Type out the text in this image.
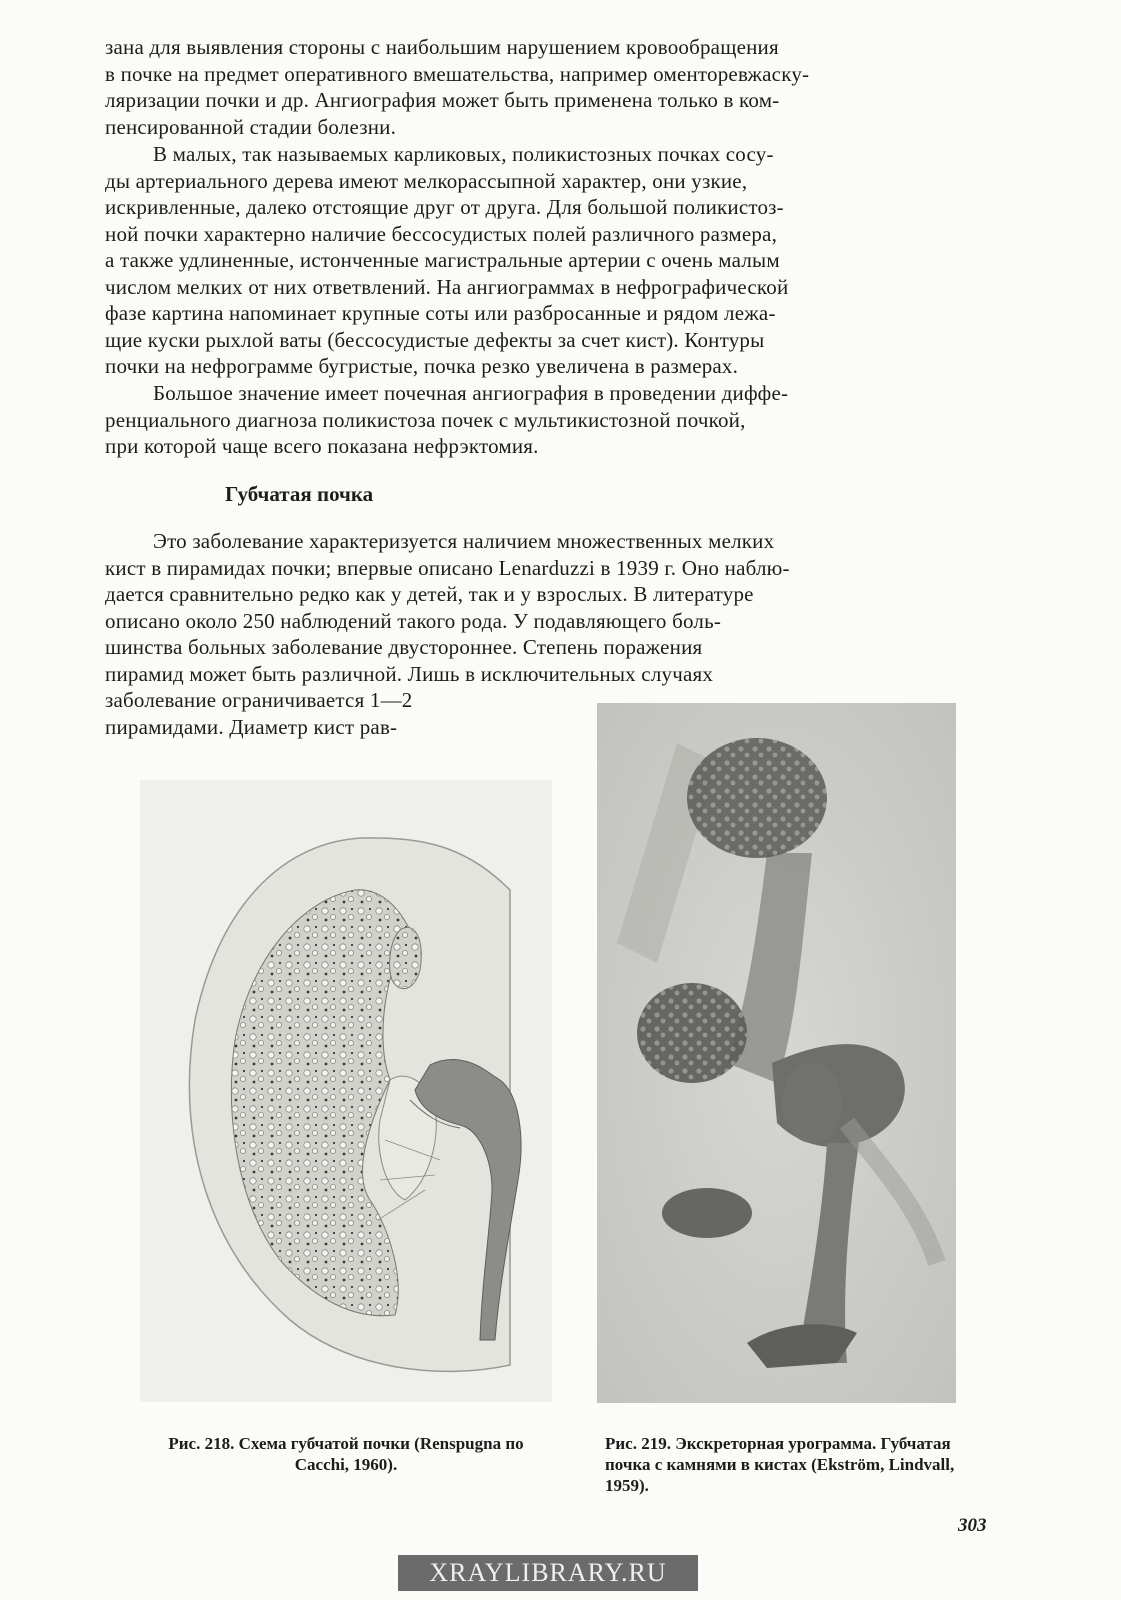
зана для выявления стороны с наибольшим нарушением кровообращения
в почке на предмет оперативного вмешательства, например оменторевжаску-
ляризации почки и др. Ангиография может быть применена только в ком-
пенсированной стадии болезни.
В малых, так называемых карликовых, поликистозных почках сосу-
ды артериального дерева имеют мелкорассыпной характер, они узкие,
искривленные, далеко отстоящие друг от друга. Для большой поликистоз-
ной почки характерно наличие бессосудистых полей различного размера,
а также удлиненные, истонченные магистральные артерии с очень малым
числом мелких от них ответвлений. На ангиограммах в нефрографической
фазе картина напоминает крупные соты или разбросанные и рядом лежа-
щие куски рыхлой ваты (бессосудистые дефекты за счет кист). Контуры
почки на нефрограмме бугристые, почка резко увеличена в размерах.
Большое значение имеет почечная ангиография в проведении диффе-
ренциального диагноза поликистоза почек с мультикистозной почкой,
при которой чаще всего показана нефрэктомия.
Губчатая почка
Это заболевание характеризуется наличием множественных мелких
кист в пирамидах почки; впервые описано Lenarduzzi в 1939 г. Оно наблю-
дается сравнительно редко как у детей, так и у взрослых. В литературе
описано около 250 наблюдений такого рода. У подавляющего боль-
шинства больных заболевание двустороннее. Степень поражения
пирамид может быть различной. Лишь в исключительных случаях
заболевание ограничивается 1—2
пирамидами. Диаметр кист рав-

Рис. 218. Схема губчатой почки (Renspugna по Cacchi, 1960).

Рис. 219. Экскреторная урограмма. Губчатая почка с камнями в кистах (Ekström, Lindvall, 1959).

303
XRAYLIBRARY.RU
